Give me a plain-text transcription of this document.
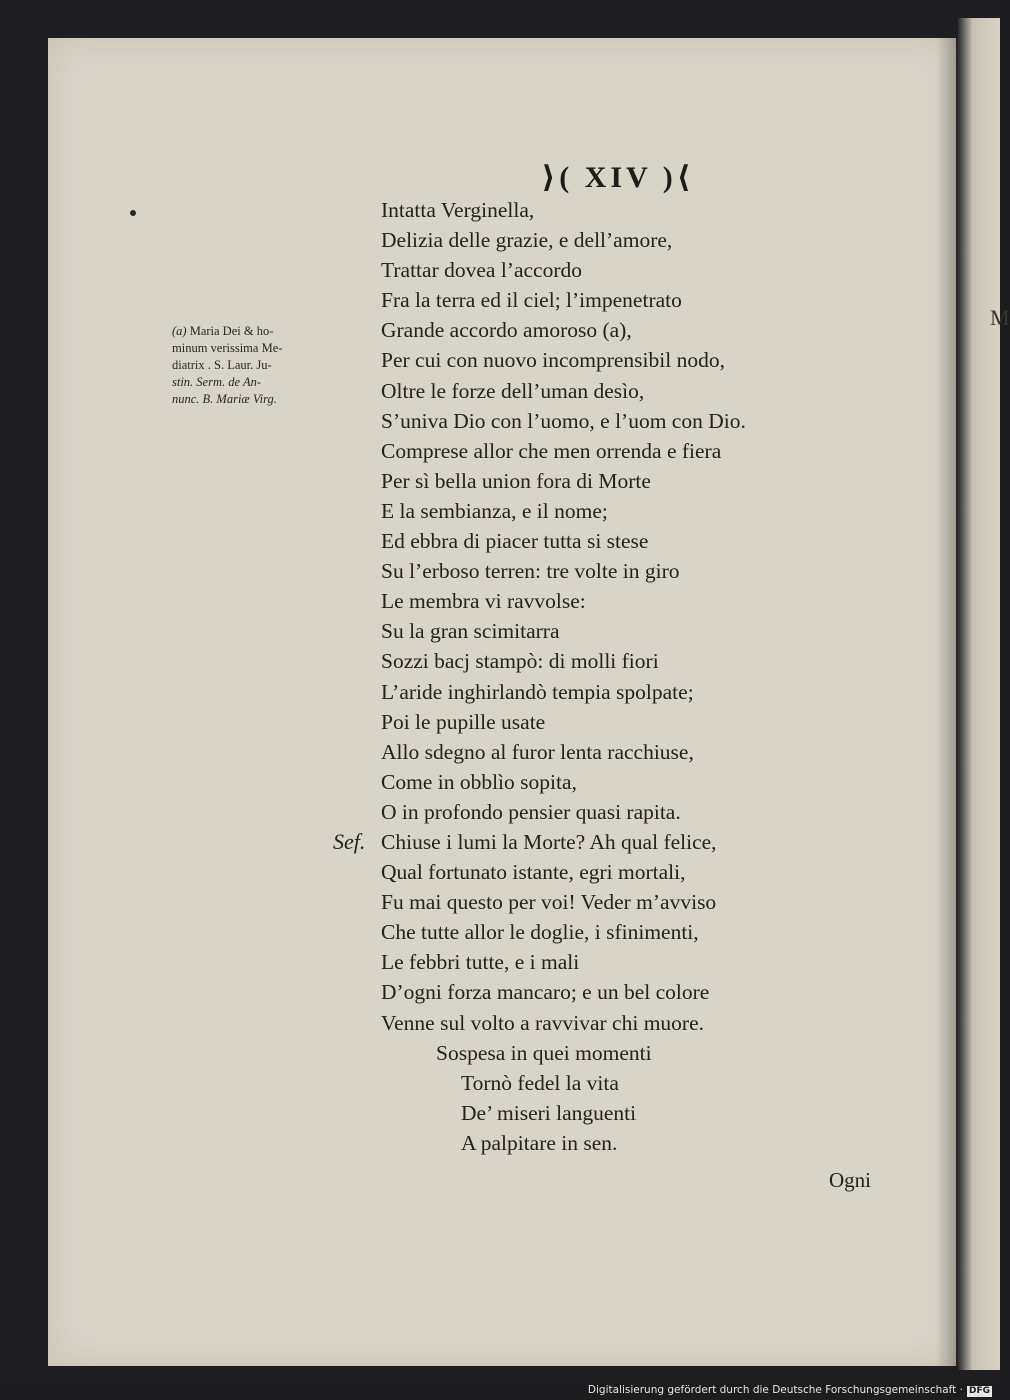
M
⟩( XIV )⟨
(a) Maria Dei & ho-
minum verissima Me-
diatrix . S. Laur. Ju-
stin. Serm. de An-
nunc. B. Mariæ Virg.
Intatta Verginella,
Delizia delle grazie, e dell’amore,
Trattar dovea l’accordo
Fra la terra ed il ciel; l’impenetrato
Grande accordo amoroso (a),
Per cui con nuovo incomprensibil nodo,
Oltre le forze dell’uman desìo,
S’univa Dio con l’uomo, e l’uom con Dio.
Comprese allor che men orrenda e fiera
Per sì bella union fora di Morte
E la sembianza, e il nome;
Ed ebbra di piacer tutta si stese
Su l’erboso terren: tre volte in giro
Le membra vi ravvolse:
Su la gran scimitarra
Sozzi bacj stampò: di molli fiori
L’aride inghirlandò tempia spolpate;
Poi le pupille usate
Allo sdegno al furor lenta racchiuse,
Come in obblìo sopita,
O in profondo pensier quasi rapita.
Sef. Chiuse i lumi la Morte? Ah qual felice,
Qual fortunato istante, egri mortali,
Fu mai questo per voi! Veder m’avviso
Che tutte allor le doglie, i sfinimenti,
Le febbri tutte, e i mali
D’ogni forza mancaro; e un bel colore
Venne sul volto a ravvivar chi muore.
Sospesa in quei momenti
Tornò fedel la vita
De’ miseri languenti
A palpitare in sen.
Ogni
Digitalisierung gefördert durch die Deutsche Forschungsgemeinschaft · DFG
